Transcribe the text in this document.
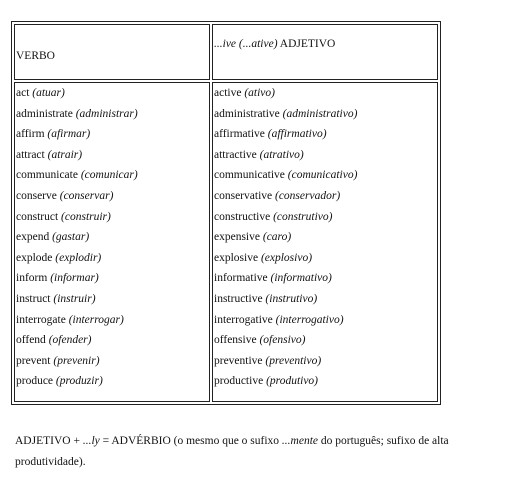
VERBO
...ive (...ative) ADJETIVO
act (atuar)
administrate (administrar)
affirm (afirmar)
attract (atrair)
communicate (comunicar)
conserve (conservar)
construct (construir)
expend (gastar)
explode (explodir)
inform (informar)
instruct (instruir)
interrogate (interrogar)
offend (ofender)
prevent (prevenir)
produce (produzir)
active (ativo)
administrative (administrativo)
affirmative (affirmativo)
attractive (atrativo)
communicative (comunicativo)
conservative (conservador)
constructive (construtivo)
expensive (caro)
explosive (explosivo)
informative (informativo)
instructive (instrutivo)
interrogative (interrogativo)
offensive (ofensivo)
preventive (preventivo)
productive (produtivo)
ADJETIVO + ...ly = ADVÉRBIO (o mesmo que o sufixo ...mente do português; sufixo de alta produtividade).
